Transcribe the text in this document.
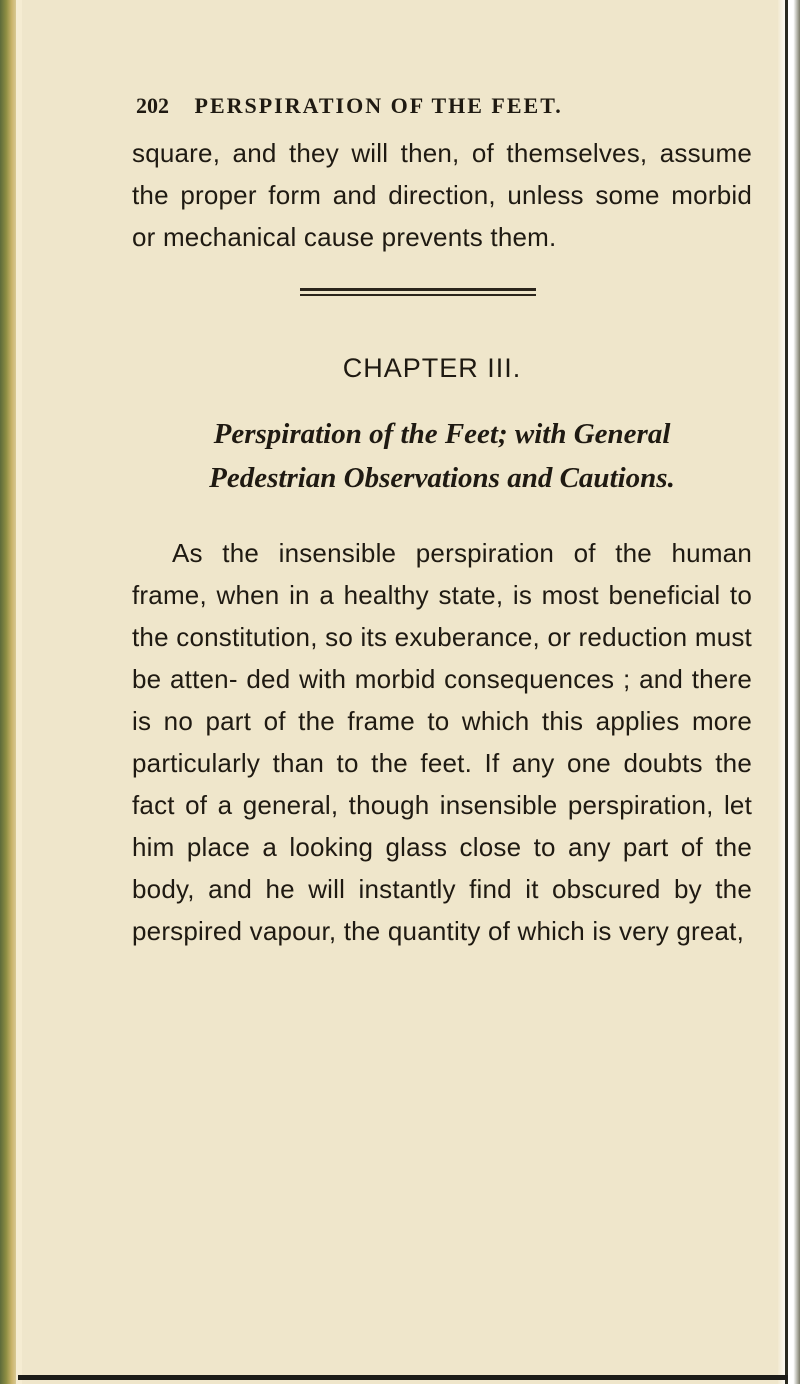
202 PERSPIRATION OF THE FEET.

square, and they will then, of themselves, assume the proper form and direction, unless some morbid or mechanical cause prevents them.

CHAPTER III.
Perspiration of the Feet; with General
Pedestrian Observations and Cautions.

As the insensible perspiration of the human frame, when in a healthy state, is most beneficial to the constitution, so its exuberance, or reduction must be atten- ded with morbid consequences ; and there is no part of the frame to which this applies more particularly than to the feet. If any one doubts the fact of a general, though insensible perspiration, let him place a looking glass close to any part of the body, and he will instantly find it obscured by the perspired vapour, the quantity of which is very great,
